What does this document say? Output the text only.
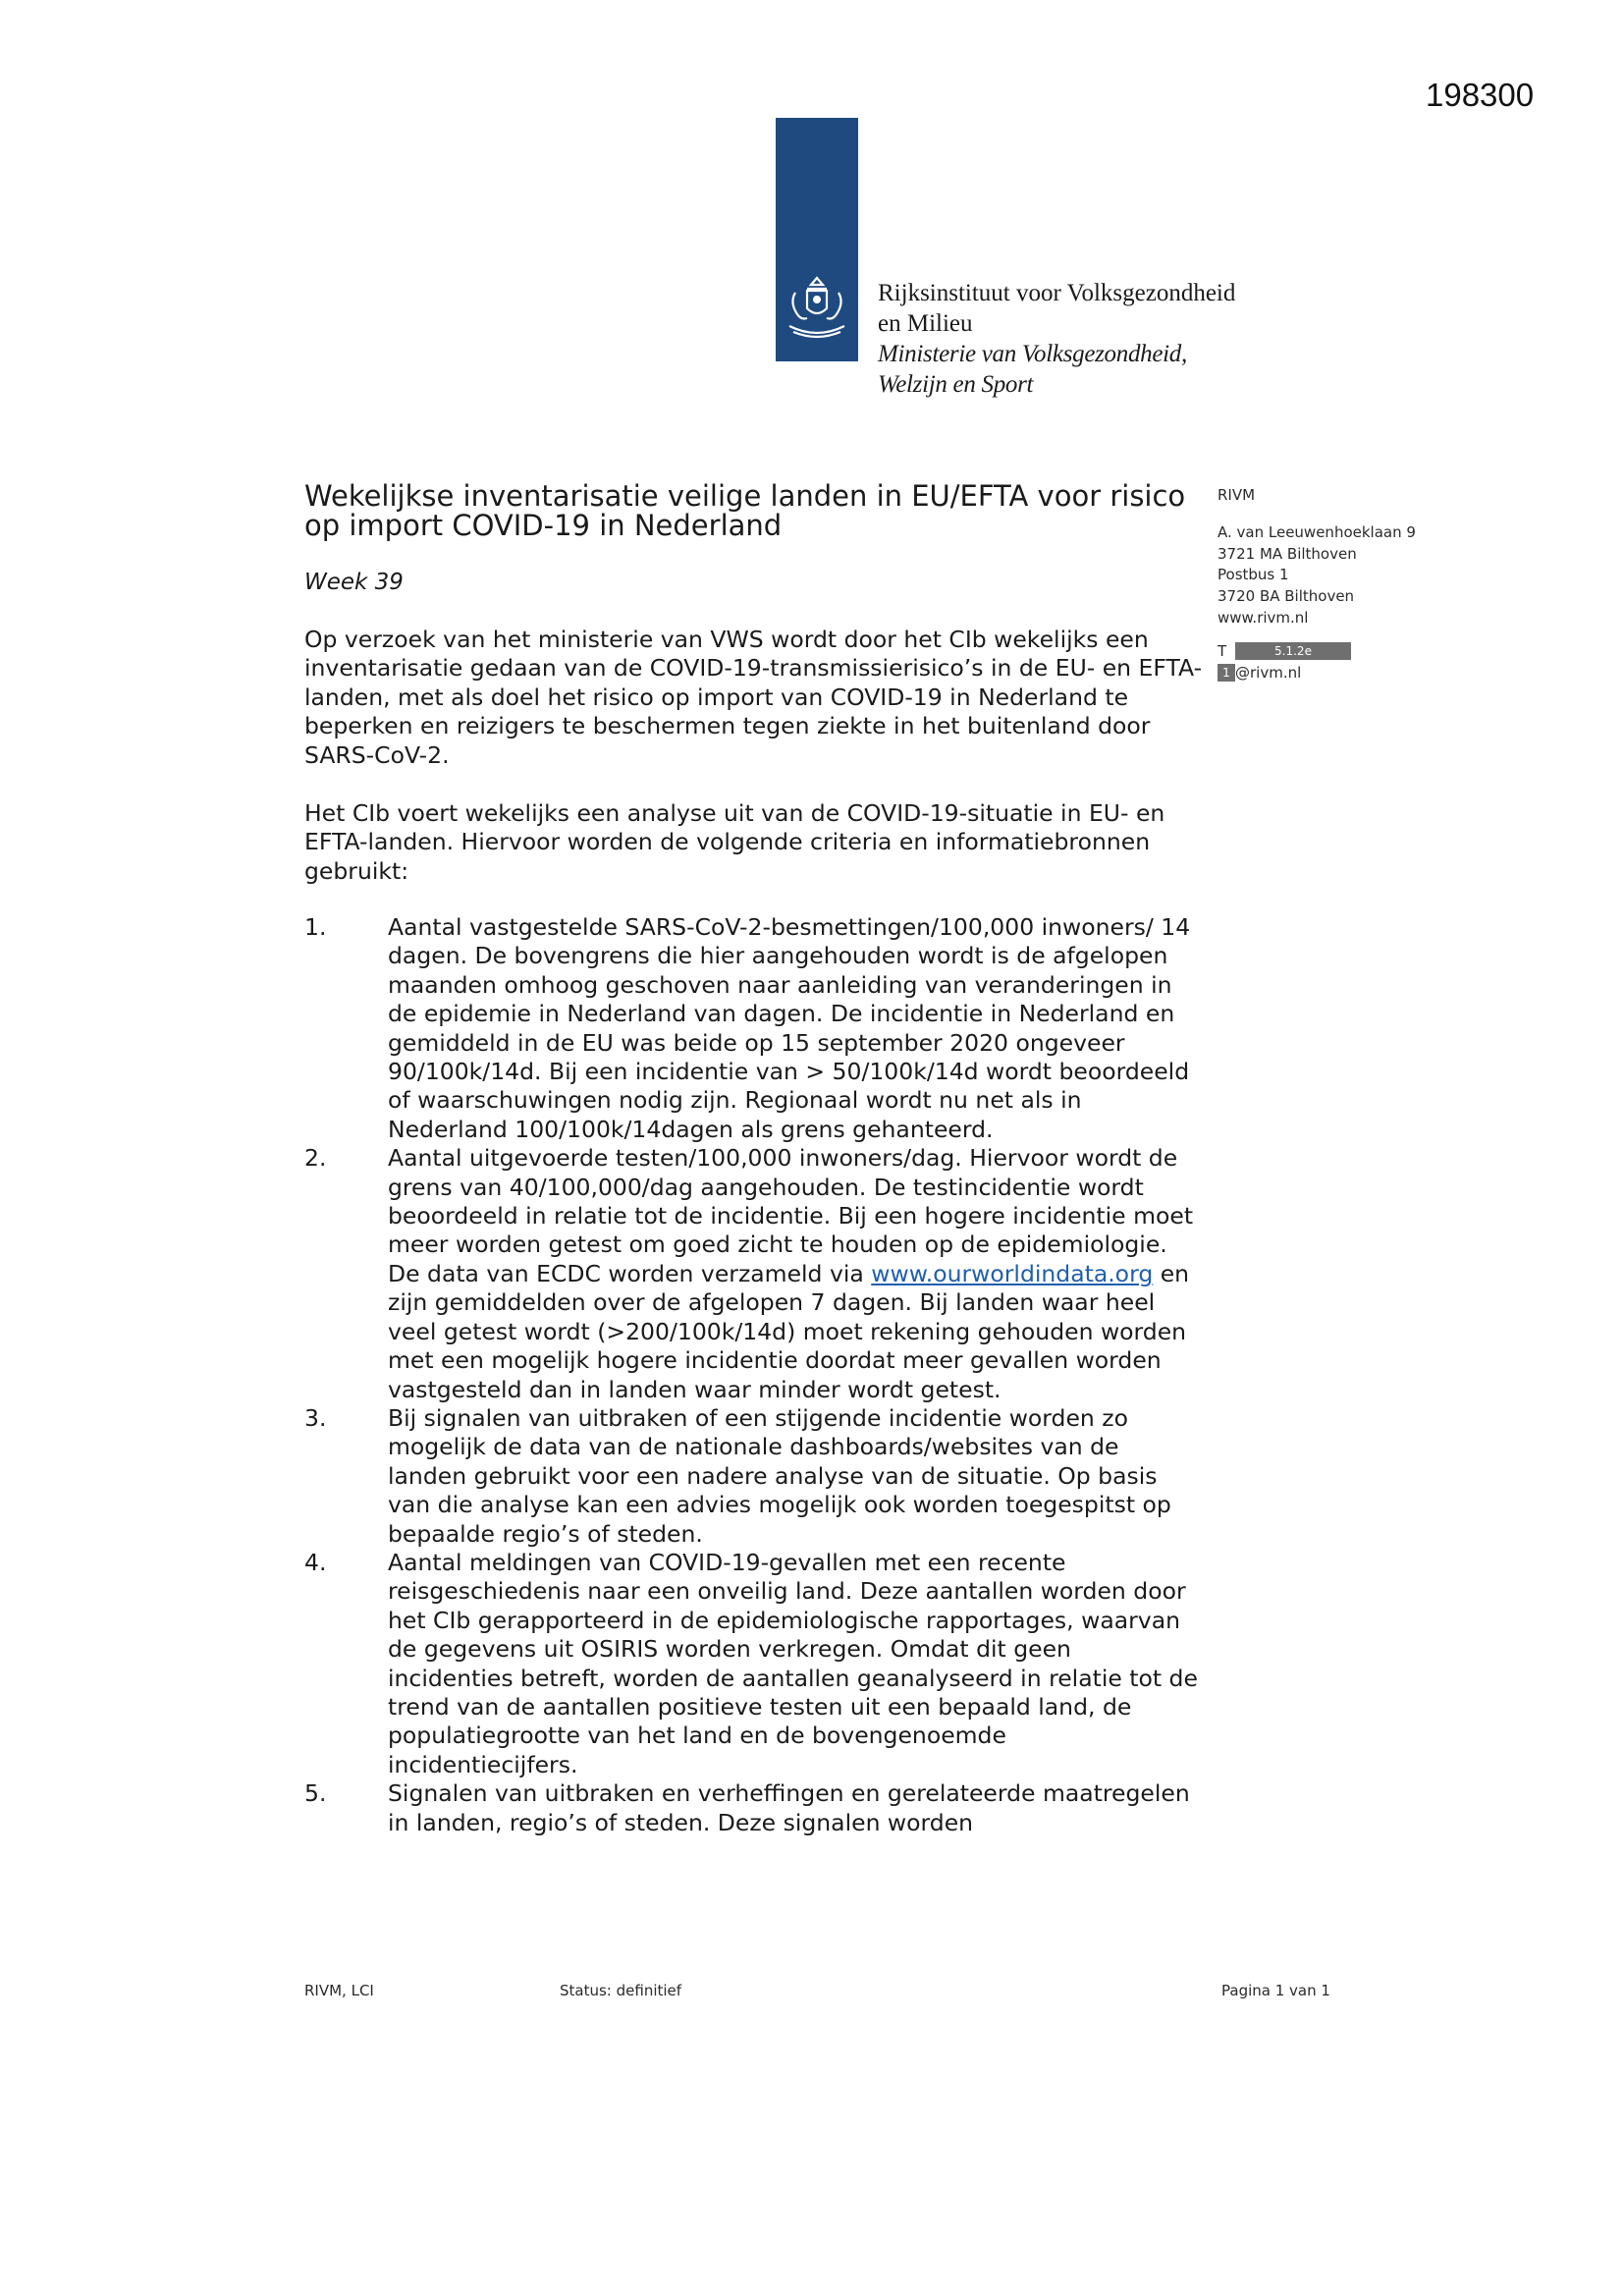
198300
Rijksinstituut voor Volksgezondheid
en Milieu
Ministerie van Volksgezondheid,
Welzijn en Sport
RIVM
A. van Leeuwenhoeklaan 9
3721 MA Bilthoven
Postbus 1
3720 BA Bilthoven
www.rivm.nl
T	5.1.2e
1 @rivm.nl
Wekelijkse inventarisatie veilige landen in EU/EFTA voor risico op import COVID-19 in Nederland
Week 39
Op verzoek van het ministerie van VWS wordt door het CIb wekelijks een inventarisatie gedaan van de COVID-19-transmissierisico’s in de EU- en EFTA-landen, met als doel het risico op import van COVID-19 in Nederland te beperken en reizigers te beschermen tegen ziekte in het buitenland door SARS-CoV-2.
Het CIb voert wekelijks een analyse uit van de COVID-19-situatie in EU- en EFTA-landen. Hiervoor worden de volgende criteria en informatiebronnen gebruikt:
1.	Aantal vastgestelde SARS-CoV-2-besmettingen/100,000 inwoners/ 14 dagen. De bovengrens die hier aangehouden wordt is de afgelopen maanden omhoog geschoven naar aanleiding van veranderingen in de epidemie in Nederland van dagen. De incidentie in Nederland en gemiddeld in de EU was beide op 15 september 2020 ongeveer 90/100k/14d. Bij een incidentie van > 50/100k/14d wordt beoordeeld of waarschuwingen nodig zijn. Regionaal wordt nu net als in Nederland 100/100k/14dagen als grens gehanteerd.
2.	Aantal uitgevoerde testen/100,000 inwoners/dag. Hiervoor wordt de grens van 40/100,000/dag aangehouden. De testincidentie wordt beoordeeld in relatie tot de incidentie. Bij een hogere incidentie moet meer worden getest om goed zicht te houden op de epidemiologie. De data van ECDC worden verzameld via www.ourworldindata.org en zijn gemiddelden over de afgelopen 7 dagen. Bij landen waar heel veel getest wordt (>200/100k/14d) moet rekening gehouden worden met een mogelijk hogere incidentie doordat meer gevallen worden vastgesteld dan in landen waar minder wordt getest.
3.	Bij signalen van uitbraken of een stijgende incidentie worden zo mogelijk de data van de nationale dashboards/websites van de landen gebruikt voor een nadere analyse van de situatie. Op basis van die analyse kan een advies mogelijk ook worden toegespitst op bepaalde regio’s of steden.
4.	Aantal meldingen van COVID-19-gevallen met een recente reisgeschiedenis naar een onveilig land. Deze aantallen worden door het CIb gerapporteerd in de epidemiologische rapportages, waarvan de gegevens uit OSIRIS worden verkregen. Omdat dit geen incidenties betreft, worden de aantallen geanalyseerd in relatie tot de trend van de aantallen positieve testen uit een bepaald land, de populatiegrootte van het land en de bovengenoemde incidentiecijfers.
5.	Signalen van uitbraken en verheffingen en gerelateerde maatregelen in landen, regio’s of steden. Deze signalen worden
RIVM, LCI	Status: definitief	Pagina 1 van 1
